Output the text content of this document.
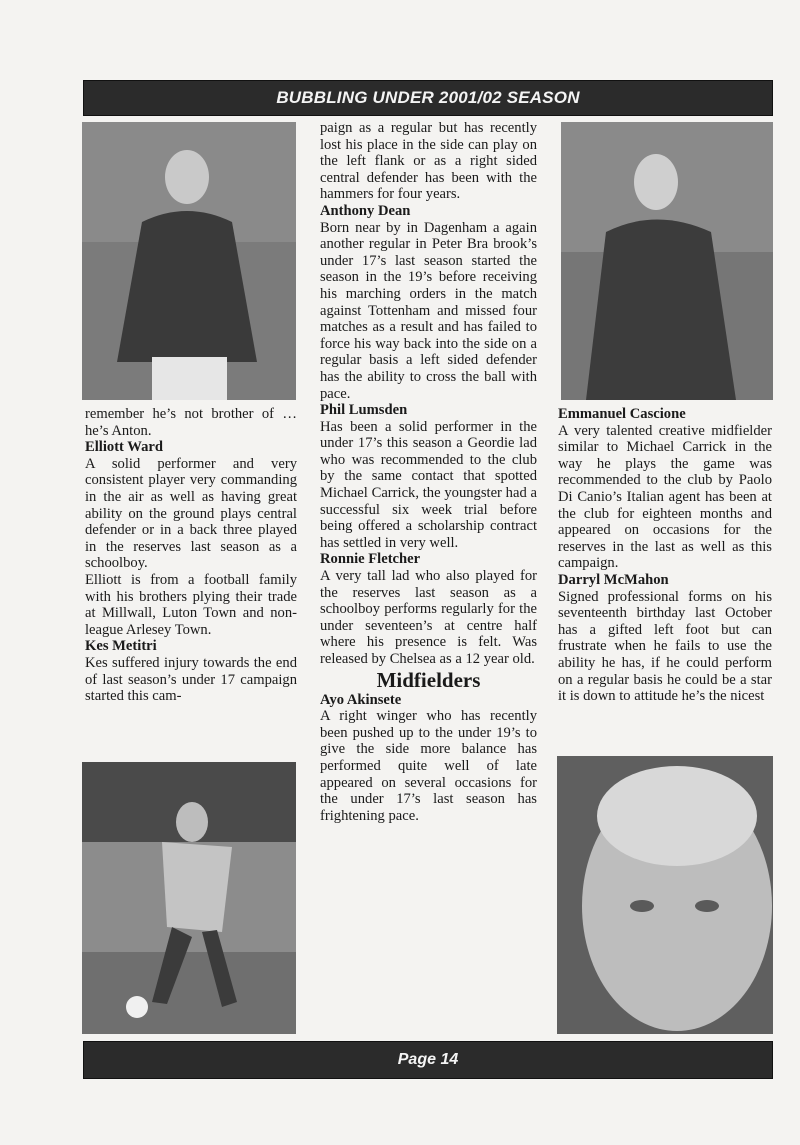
BUBBLING UNDER 2001/02 SEASON

remember he’s not brother of … he’s Anton.

Elliott Ward

A solid performer and very consistent player very commanding in the air as well as having great ability on the ground plays central defender or in a back three played in the reserves last season as a schoolboy.

Elliott is from a football family with his brothers plying their trade at Millwall, Luton Town and non-league Arlesey Town.

Kes Metitri

Kes suffered injury towards the end of last season’s under 17 campaign started this cam-

paign as a regular but has recently lost his place in the side can play on the left flank or as a right sided central defender has been with the hammers for four years.

Anthony Dean

Born near by in Dagenham a again another regular in Peter Bra brook’s under 17’s last season started the season in the 19’s before receiving his marching orders in the match against Tottenham and missed four matches as a result and has failed to force his way back into the side on a regular basis a left sided defender has the ability to cross the ball with pace.

Phil Lumsden

Has been a solid performer in the under 17’s this season a Geordie lad who was recommended to the club by the same contact that spotted Michael Carrick, the youngster had a successful six week trial before being offered a scholarship contract has settled in very well.

Ronnie Fletcher

A very tall lad who also played for the reserves last season as a schoolboy performs regularly for the under seventeen’s at centre half where his presence is felt. Was released by Chelsea as a 12 year old.

Midfielders

Ayo Akinsete

A right winger who has recently been pushed up to the under 19’s to give the side more balance has performed quite well of late appeared on several occasions for the under 17’s last season has frightening pace.

Emmanuel Cascione

A very talented creative midfielder similar to Michael Carrick in the way he plays the game was recommended to the club by Paolo Di Canio’s Italian agent has been at the club for eighteen months and appeared on occasions for the reserves in the last as well as this campaign.

Darryl McMahon

Signed professional forms on his seventeenth birthday last October has a gifted left foot but can frustrate when he fails to use the ability he has, if he could perform on a regular basis he could be a star it is down to attitude he’s the nicest

Page 14
